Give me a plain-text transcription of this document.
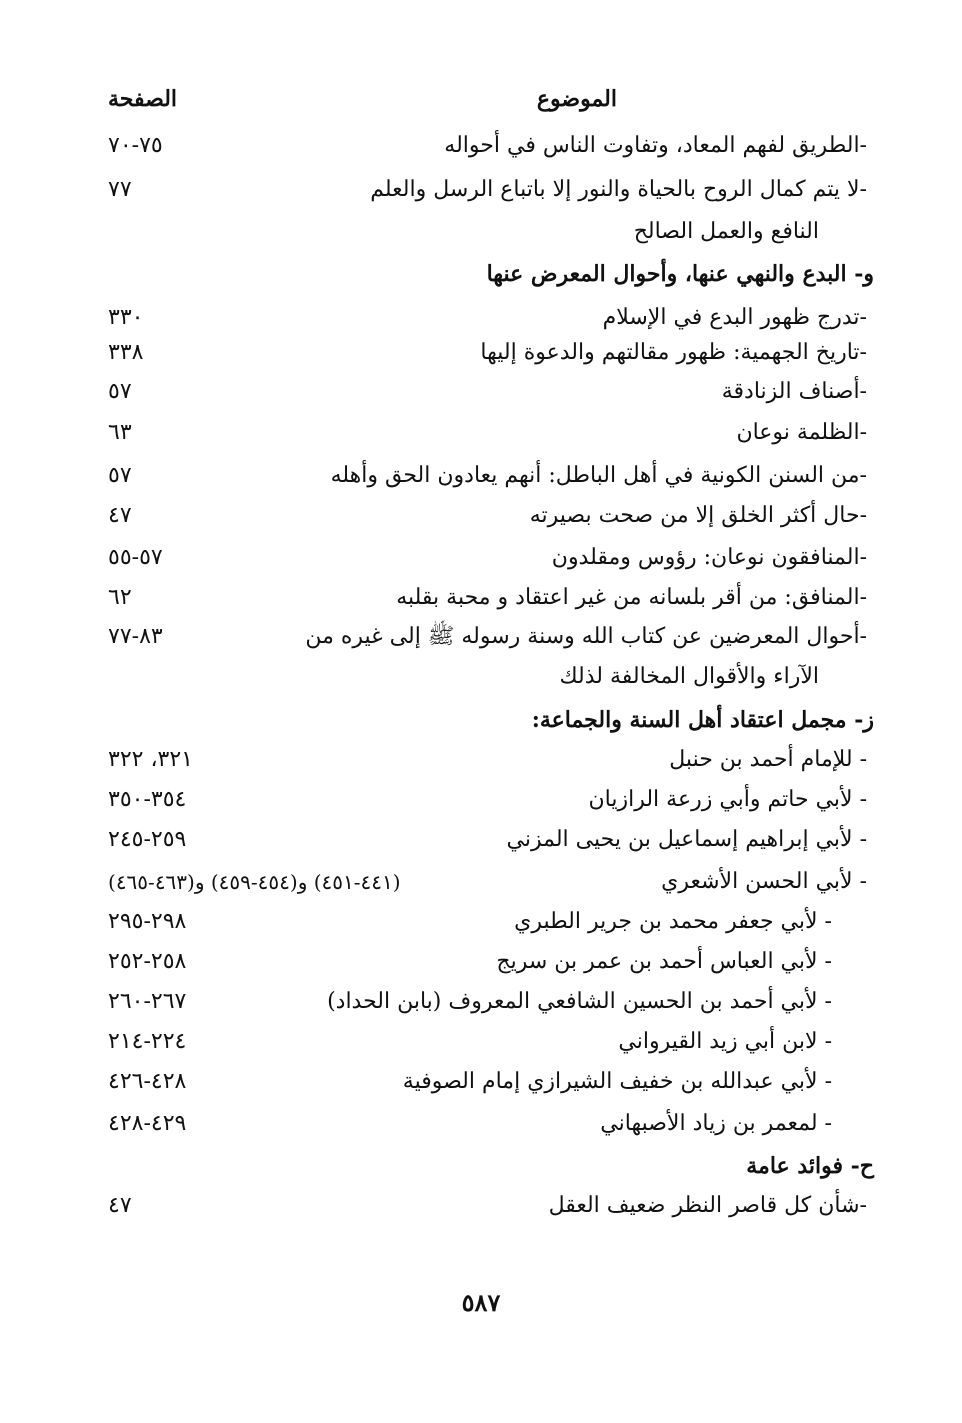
الموضوع
الصفحة
-الطريق لفهم المعاد، وتفاوت الناس في أحواله
٧٥-٧٠
-لا يتم كمال الروح بالحياة والنور إلا باتباع الرسل والعلم
٧٧
النافع والعمل الصالح
و- البدع والنهي عنها، وأحوال المعرض عنها
-تدرج ظهور البدع في الإسلام
٣٣٠
-تاريخ الجهمية: ظهور مقالتهم والدعوة إليها
٣٣٨
-أصناف الزنادقة
٥٧
-الظلمة نوعان
٦٣
-من السنن الكونية في أهل الباطل: أنهم يعادون الحق وأهله
٥٧
-حال أكثر الخلق إلا من صحت بصيرته
٤٧
-المنافقون نوعان: رؤوس ومقلدون
٥٧-٥٥
-المنافق: من أقر بلسانه من غير اعتقاد و محبة بقلبه
٦٢
-أحوال المعرضين عن كتاب الله وسنة رسوله ﷺ إلى غيره من
٨٣-٧٧
الآراء والأقوال المخالفة لذلك
ز- مجمل اعتقاد أهل السنة والجماعة:
- للإمام أحمد بن حنبل
٣٢١، ٣٢٢
- لأبي حاتم وأبي زرعة الرازيان
٣٥٤-٣٥٠
- لأبي إبراهيم إسماعيل بن يحيى المزني
٢٥٩-٢٤٥
- لأبي الحسن الأشعري
(٤٤١-٤٥١) و(٤٥٤-٤٥٩) و(٤٦٣-٤٦٥)
- لأبي جعفر محمد بن جرير الطبري
٢٩٨-٢٩٥
- لأبي العباس أحمد بن عمر بن سريج
٢٥٨-٢٥٢
- لأبي أحمد بن الحسين الشافعي المعروف (بابن الحداد)
٢٦٧-٢٦٠
- لابن أبي زيد القيرواني
٢٢٤-٢١٤
- لأبي عبدالله بن خفيف الشيرازي إمام الصوفية
٤٢٨-٤٢٦
- لمعمر بن زياد الأصبهاني
٤٢٩-٤٢٨
ح- فوائد عامة
-شأن كل قاصر النظر ضعيف العقل
٤٧
٥٨٧
